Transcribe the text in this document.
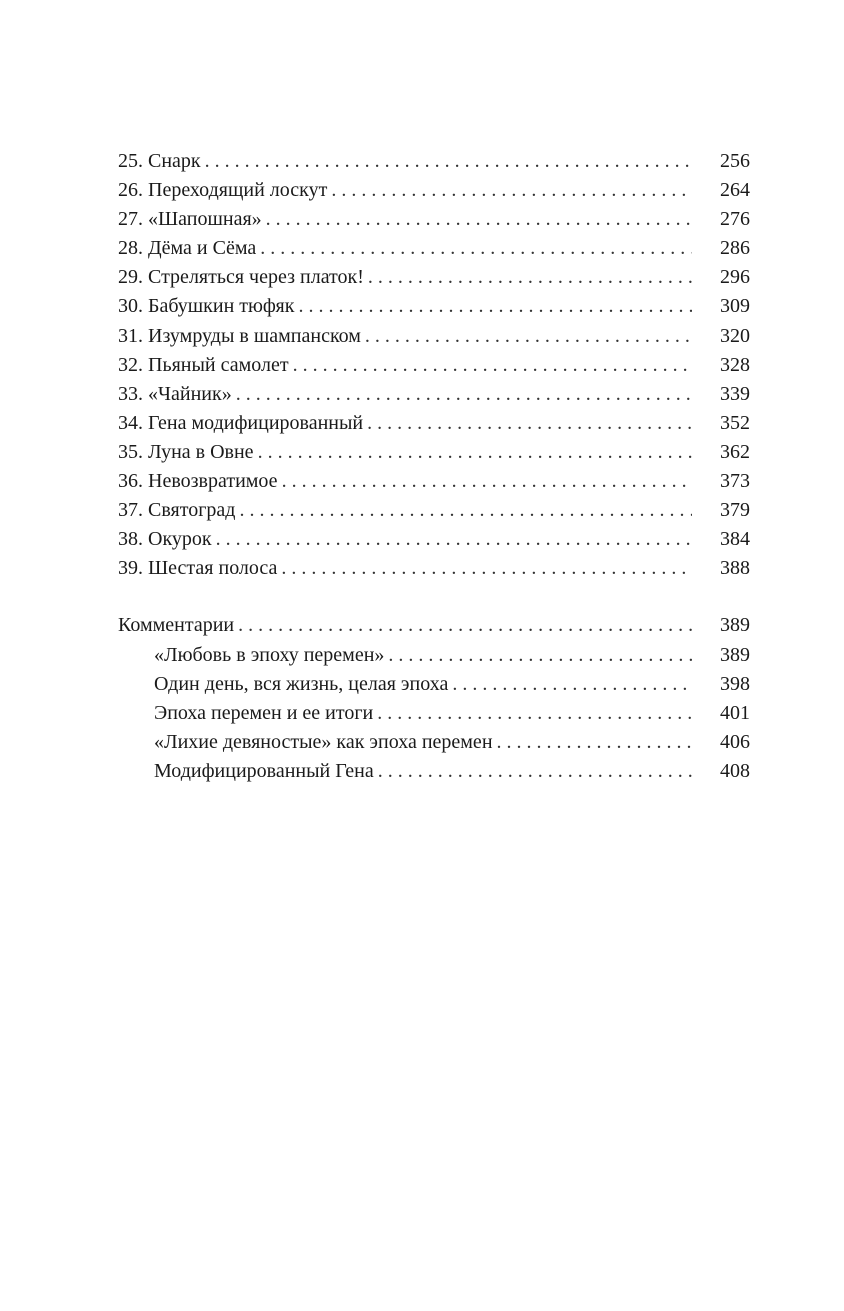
25. Снарк . . .	256
26. Переходящий лоскут . . .	264
27. «Шапошная» . . .	276
28. Дёма и Сёма . . .	286
29. Стреляться через платок! . . .	296
30. Бабушкин тюфяк . . .	309
31. Изумруды в шампанском . . .	320
32. Пьяный самолет . . .	328
33. «Чайник» . . .	339
34. Гена модифицированный . . .	352
35. Луна в Овне . . .	362
36. Невозвратимое . . .	373
37. Святоград . . .	379
38. Окурок . . .	384
39. Шестая полоса . . .	388
Комментарии . . .	389
«Любовь в эпоху перемен» . . .	389
Один день, вся жизнь, целая эпоха . . .	398
Эпоха перемен и ее итоги . . .	401
«Лихие девяностые» как эпоха перемен . . .	406
Модифицированный Гена . . .	408
